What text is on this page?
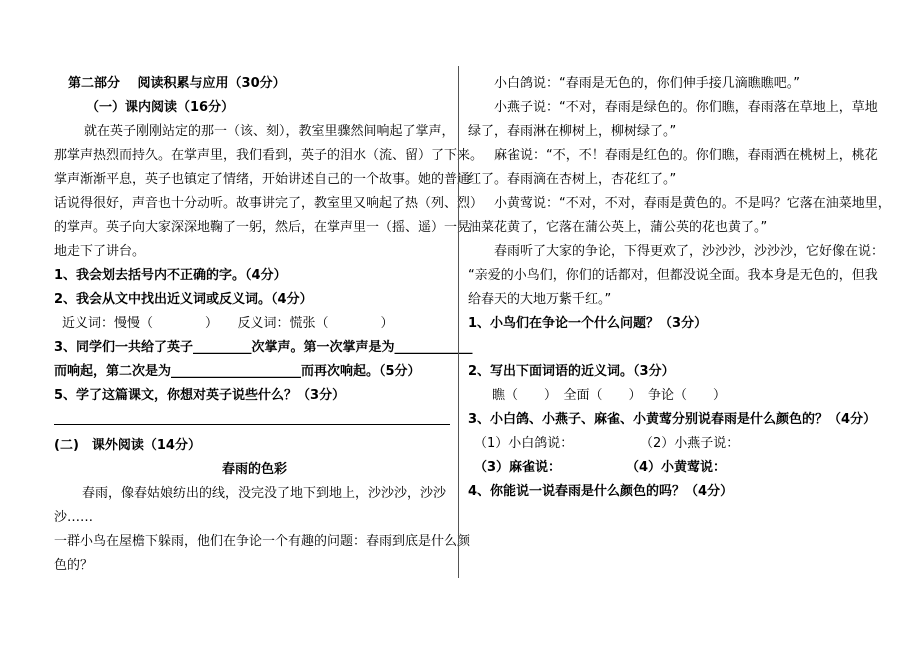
第二部分　 阅读积累与应用（30分）
（一）课内阅读（16分）
就在英子刚刚站定的那一（该、刻），教室里骤然间响起了掌声，
那掌声热烈而持久。在掌声里，我们看到，英子的泪水（流、留）了下来。
掌声渐渐平息，英子也镇定了情绪，开始讲述自己的一个故事。她的普通
话说得很好，声音也十分动听。故事讲完了，教室里又响起了热（列、烈）
的掌声。英子向大家深深地鞠了一躬，然后，在掌声里一（摇、遥）一晃
地走下了讲台。
1、我会划去括号内不正确的字。（4分）
2、我会从文中找出近义词或反义词。（4分）
近义词：慢慢（　　　　）　　反义词：慌张（　　　　）
3、同学们一共给了英子_________次掌声。第一次掌声是为____________
而响起，第二次是为____________________而再次响起。（5分）
5、学了这篇课文，你想对英子说些什么？（3分）
(二)　课外阅读（14分）
春雨的色彩
春雨，像春姑娘纺出的线，没完没了地下到地上，沙沙沙，沙沙
沙……
一群小鸟在屋檐下躲雨，他们在争论一个有趣的问题：春雨到底是什么颜
色的？
小白鸽说：“春雨是无色的，你们伸手接几滴瞧瞧吧。”
小燕子说：“不对，春雨是绿色的。你们瞧，春雨落在草地上，草地
绿了，春雨淋在柳树上，柳树绿了。”
麻雀说：“不，不！春雨是红色的。你们瞧，春雨洒在桃树上，桃花
红了。春雨滴在杏树上，杏花红了。”
小黄莺说：“不对，不对，春雨是黄色的。不是吗？它落在油菜地里，
油菜花黄了，它落在蒲公英上，蒲公英的花也黄了。”
春雨听了大家的争论，下得更欢了，沙沙沙，沙沙沙，它好像在说：
“亲爱的小鸟们，你们的话都对，但都没说全面。我本身是无色的，但我
给春天的大地万紫千红。”
1、小鸟们在争论一个什么问题？（3分）
2、写出下面词语的近义词。（3分）
瞧（　　）　全面（　　）　争论（　　）
3、小白鸽、小燕子、麻雀、小黄莺分别说春雨是什么颜色的？（4分）
（1）小白鸽说：	（2）小燕子说：
（3）麻雀说：	（4）小黄莺说：
4、你能说一说春雨是什么颜色的吗？（4分）
